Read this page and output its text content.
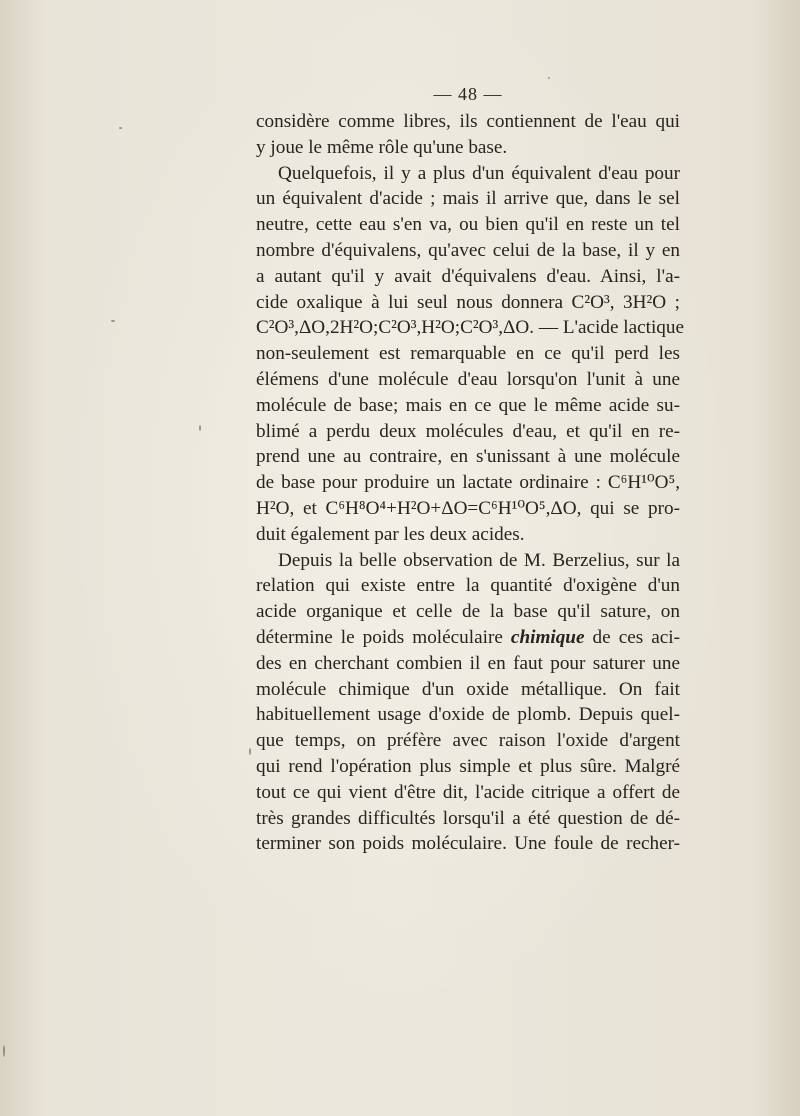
— 48 —
considère comme libres, ils contiennent de l'eau qui
y joue le même rôle qu'une base.
Quelquefois, il y a plus d'un équivalent d'eau pour
un équivalent d'acide ; mais il arrive que, dans le sel
neutre, cette eau s'en va, ou bien qu'il en reste un tel
nombre d'équivalens, qu'avec celui de la base, il y en
a autant qu'il y avait d'équivalens d'eau. Ainsi, l'a-
cide oxalique à lui seul nous donnera C²O³, 3H²O ;
C²O³,ΔO,2H²O;C²O³,H²O;C²O³,ΔO. — L'acide lactique
non-seulement est remarquable en ce qu'il perd les
élémens d'une molécule d'eau lorsqu'on l'unit à une
molécule de base; mais en ce que le même acide su-
blimé a perdu deux molécules d'eau, et qu'il en re-
prend une au contraire, en s'unissant à une molécule
de base pour produire un lactate ordinaire : C⁶H¹⁰O⁵,
H²O, et C⁶H⁸O⁴+H²O+ΔO=C⁶H¹⁰O⁵,ΔO, qui se pro-
duit également par les deux acides.
Depuis la belle observation de M. Berzelius, sur la
relation qui existe entre la quantité d'oxigène d'un
acide organique et celle de la base qu'il sature, on
détermine le poids moléculaire chimique de ces aci-
des en cherchant combien il en faut pour saturer une
molécule chimique d'un oxide métallique. On fait
habituellement usage d'oxide de plomb. Depuis quel-
que temps, on préfère avec raison l'oxide d'argent
qui rend l'opération plus simple et plus sûre. Malgré
tout ce qui vient d'être dit, l'acide citrique a offert de
très grandes difficultés lorsqu'il a été question de dé-
terminer son poids moléculaire. Une foule de recher-
